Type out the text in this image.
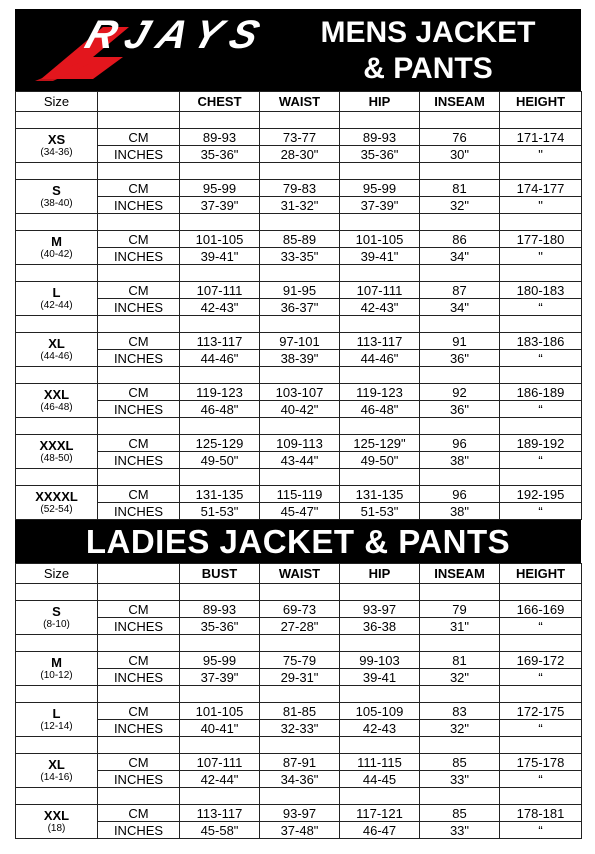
RJAYS	MENS JACKET
& PANTS
Size		CHEST	WAIST	HIP	INSEAM	HEIGHT

XS
(34-36)	CM	89-93	73-77	89-93	76	171-174
	INCHES	35-36"	28-30"	35-36"	30"	"

S
(38-40)	CM	95-99	79-83	95-99	81	174-177
	INCHES	37-39"	31-32"	37-39"	32"	"

M
(40-42)	CM	101-105	85-89	101-105	86	177-180
	INCHES	39-41"	33-35"	39-41"	34"	"

L
(42-44)	CM	107-111	91-95	107-111	87	180-183
	INCHES	42-43"	36-37"	42-43"	34"	“

XL
(44-46)	CM	113-117	97-101	113-117	91	183-186
	INCHES	44-46"	38-39"	44-46"	36"	“

XXL
(46-48)	CM	119-123	103-107	119-123	92	186-189
	INCHES	46-48"	40-42"	46-48"	36"	“

XXXL
(48-50)	CM	125-129	109-113	125-129"	96	189-192
	INCHES	49-50"	43-44"	49-50"	38"	“

XXXXL
(52-54)	CM	131-135	115-119	131-135	96	192-195
	INCHES	51-53"	45-47"	51-53"	38"	“
LADIES JACKET & PANTS
Size		BUST	WAIST	HIP	INSEAM	HEIGHT

S
(8-10)	CM	89-93	69-73	93-97	79	166-169
	INCHES	35-36"	27-28"	36-38	31"	“

M
(10-12)	CM	95-99	75-79	99-103	81	169-172
	INCHES	37-39"	29-31"	39-41	32"	“

L
(12-14)	CM	101-105	81-85	105-109	83	172-175
	INCHES	40-41"	32-33"	42-43	32"	“

XL
(14-16)	CM	107-111	87-91	111-115	85	175-178
	INCHES	42-44"	34-36"	44-45	33"	“

XXL
(18)	CM	113-117	93-97	117-121	85	178-181
	INCHES	45-58"	37-48"	46-47	33"	“
